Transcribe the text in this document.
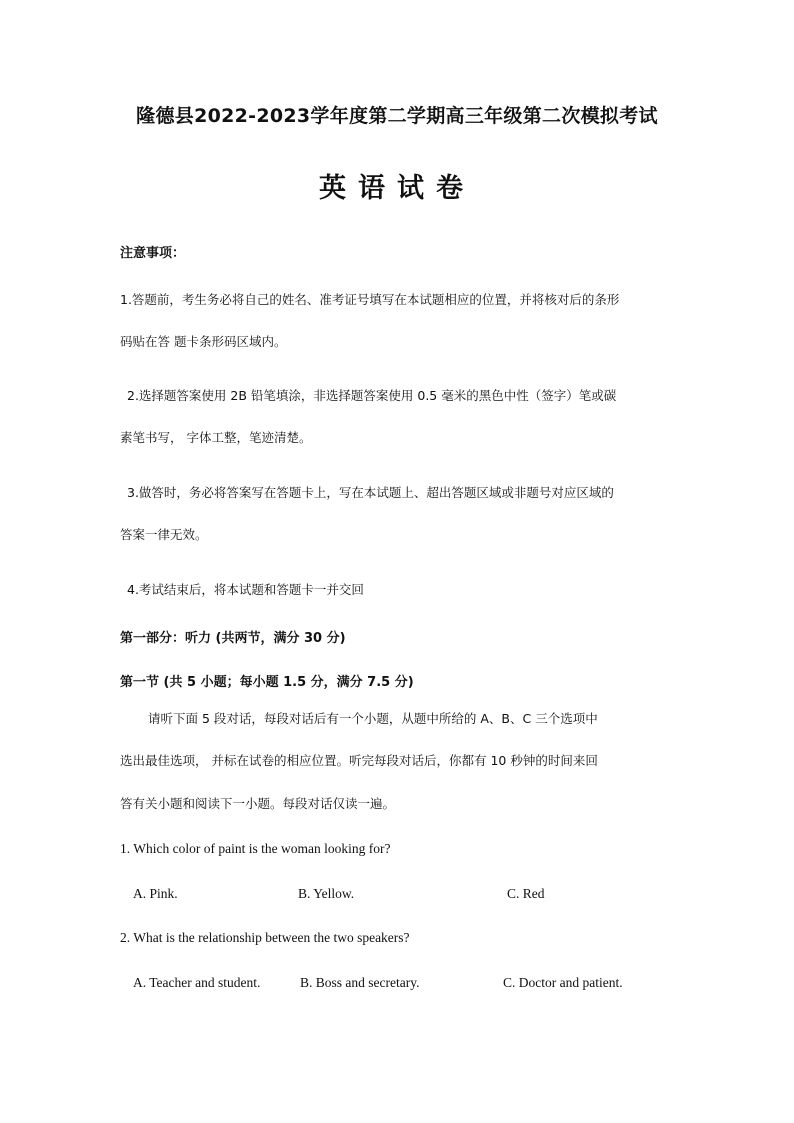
隆德县2022-2023学年度第二学期高三年级第二次模拟考试
英语试卷
注意事项：
1.答题前，考生务必将自己的姓名、准考证号填写在本试题相应的位置，并将核对后的条形
码贴在答 题卡条形码区域内。
2.选择题答案使用 2B 铅笔填涂，非选择题答案使用 0.5 毫米的黑色中性（签字）笔或碳
素笔书写， 字体工整，笔迹清楚。
3.做答时，务必将答案写在答题卡上，写在本试题上、超出答题区域或非题号对应区域的
答案一律无效。
4.考试结束后，将本试题和答题卡一并交回
第一部分：听力 (共两节，满分 30 分)
第一节 (共 5 小题；每小题 1.5 分，满分 7.5 分)
请听下面 5 段对话，每段对话后有一个小题，从题中所给的 A、B、C 三个选项中
选出最佳选项， 并标在试卷的相应位置。听完每段对话后，你都有 10 秒钟的时间来回
答有关小题和阅读下一小题。每段对话仅读一遍。
1. Which color of paint is the woman looking for?
A. Pink.	B. Yellow.	C. Red
2. What is the relationship between the two speakers?
A. Teacher and student.	B. Boss and secretary.	C. Doctor and patient.
